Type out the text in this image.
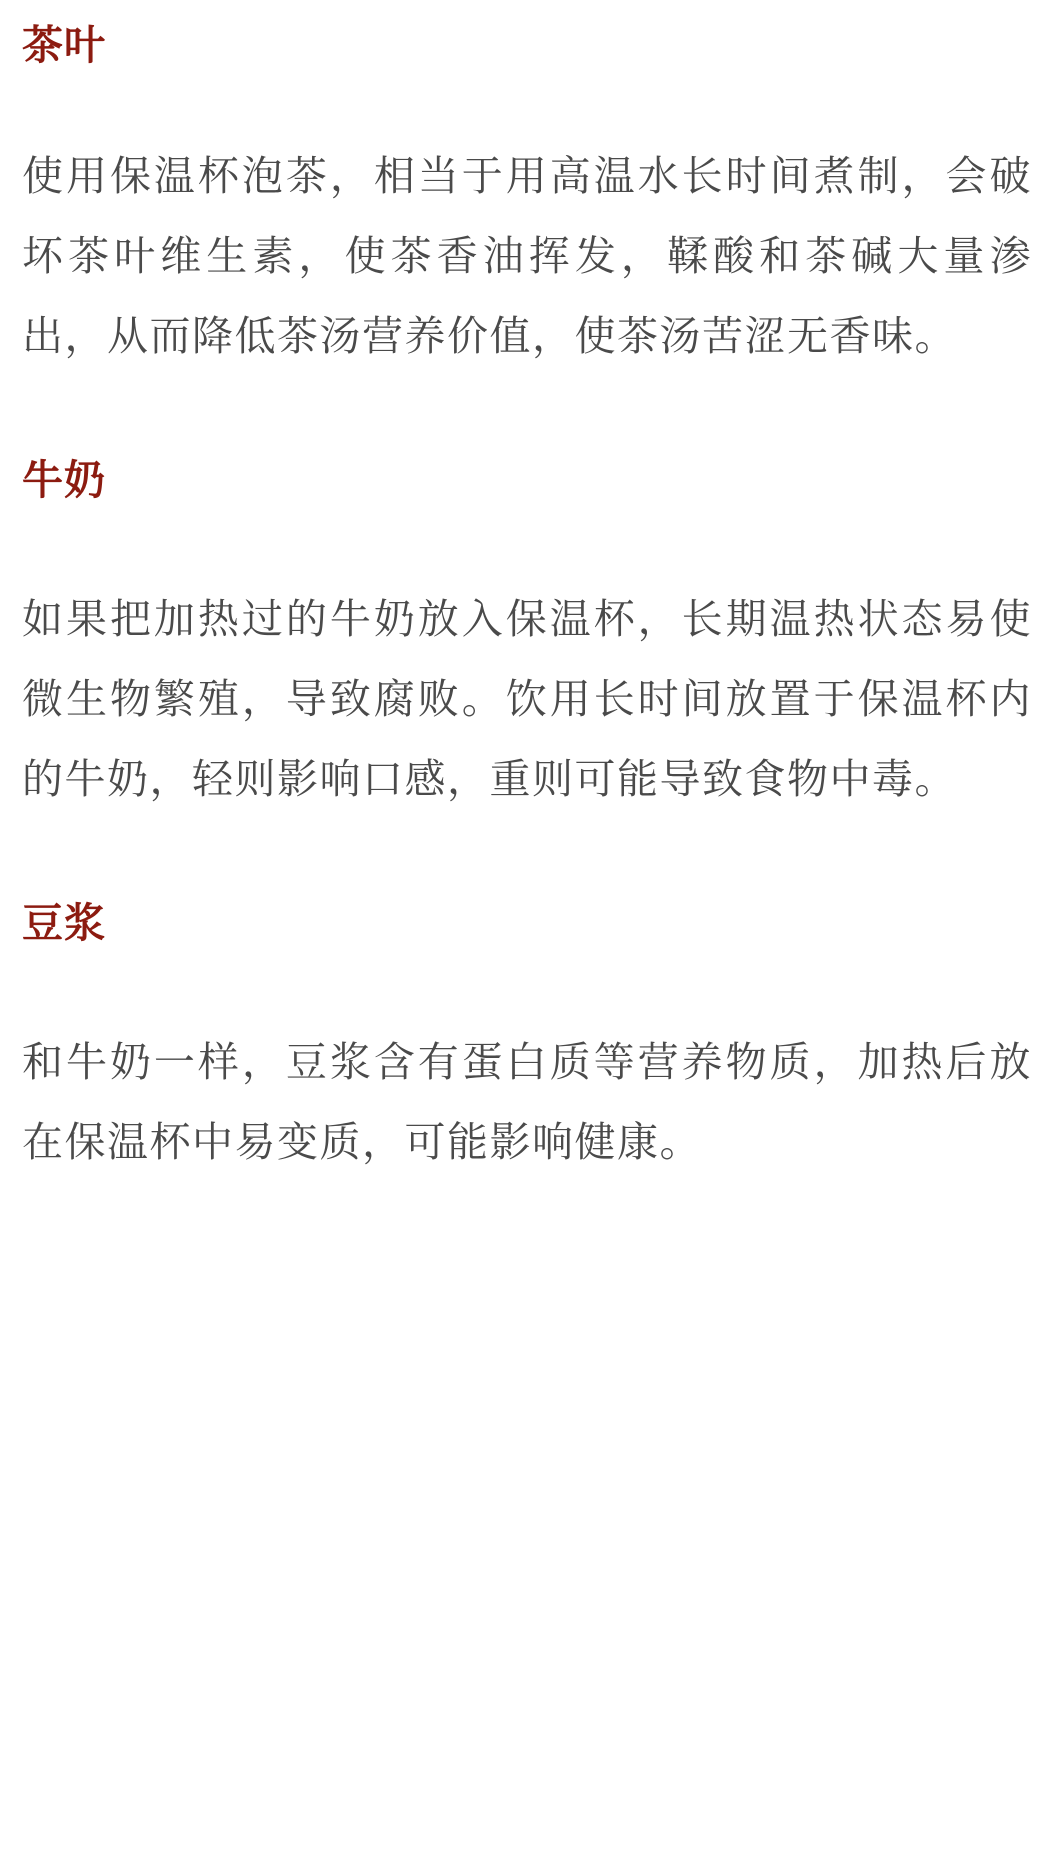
茶叶

使用保温杯泡茶，相当于用高温水长时间煮制，会破坏茶叶维生素，使茶香油挥发，鞣酸和茶碱大量渗出，从而降低茶汤营养价值，使茶汤苦涩无香味。

牛奶

如果把加热过的牛奶放入保温杯，长期温热状态易使微生物繁殖，导致腐败。饮用长时间放置于保温杯内的牛奶，轻则影响口感，重则可能导致食物中毒。

豆浆

和牛奶一样，豆浆含有蛋白质等营养物质，加热后放在保温杯中易变质，可能影响健康。
